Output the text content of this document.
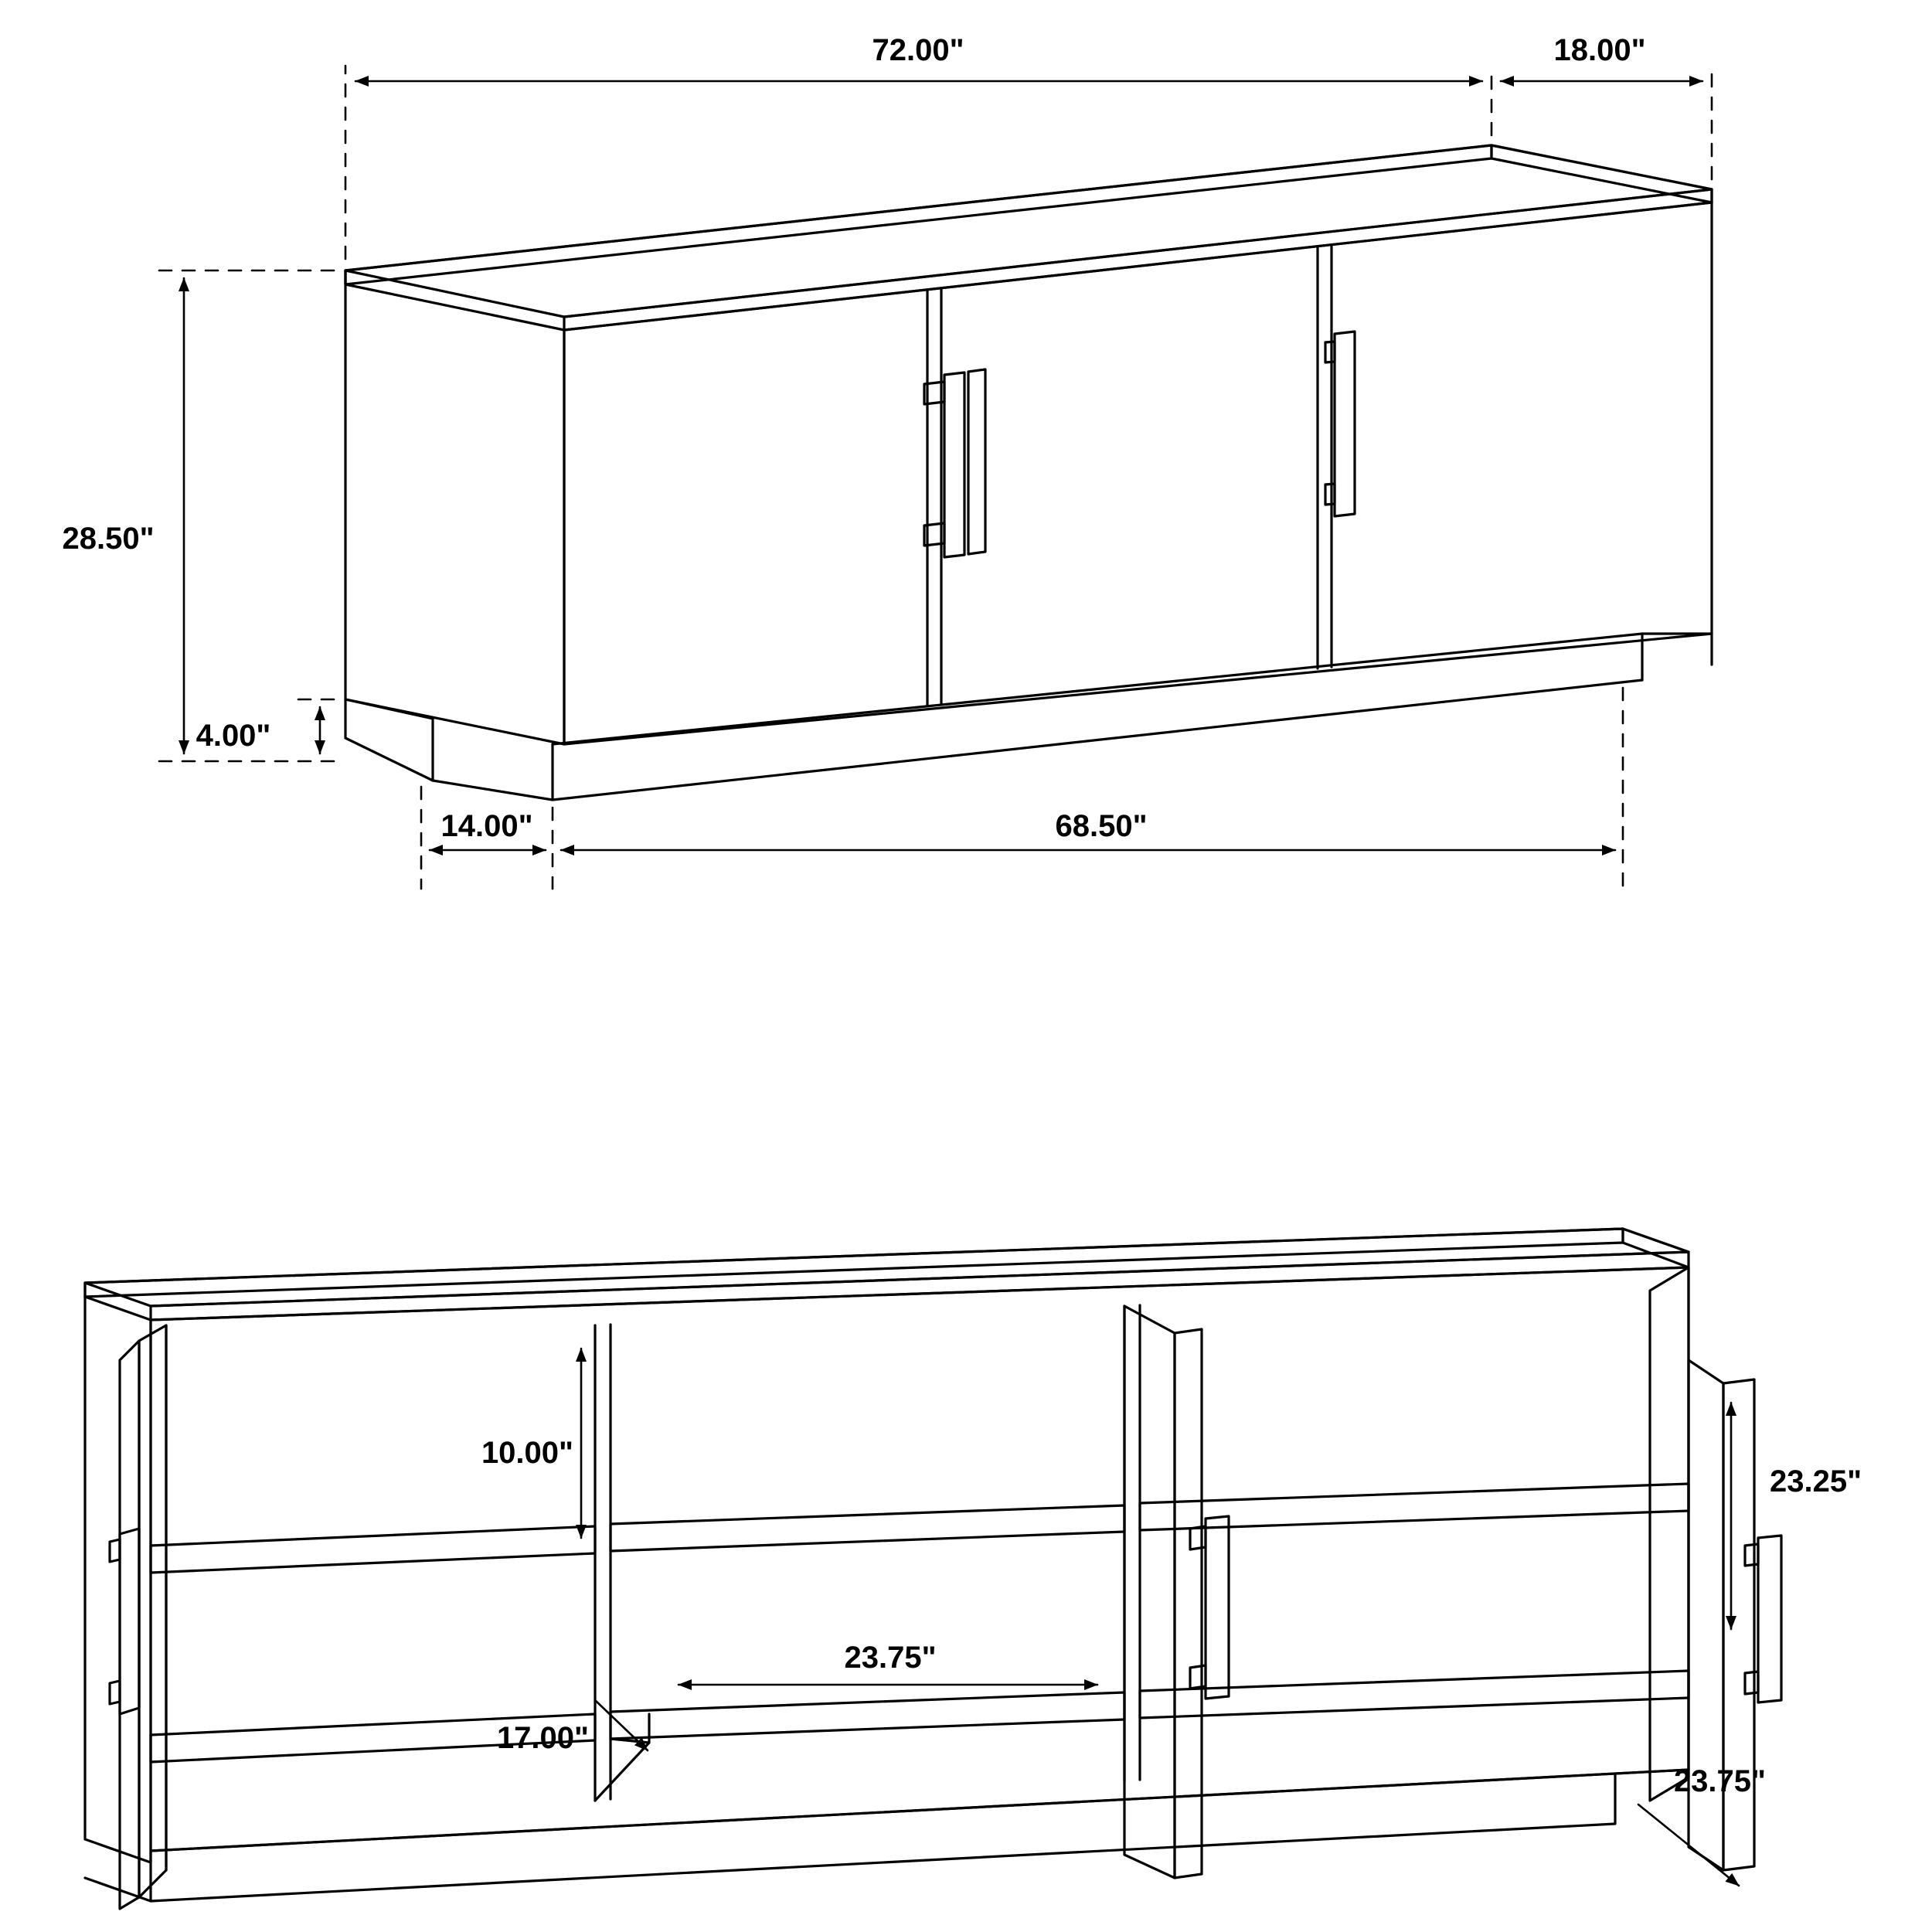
72.00"	18.00"
28.50"
4.00"
14.00"	68.50"
10.00"
23.75"
17.00"
23.25"
23.75"
